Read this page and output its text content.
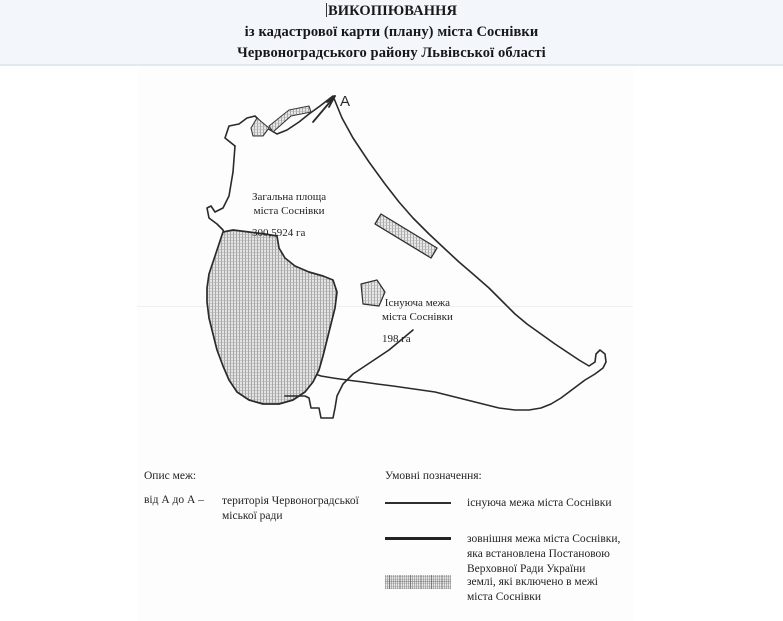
ВИКОПІЮВАННЯ
із кадастрової карти (плану) міста Соснівки
Червоноградського району Львівської області
Загальна площа
міста Соснівки
300,5924 га
Існуюча межа
міста Соснівки
198 га
А
Опис меж:
від А до А – територія Червоноградської
міської ради
Умовні позначення:
існуюча межа міста Соснівки
зовнішня межа міста Соснівки,
яка встановлена Постановою
Верховної Ради України
землі, які включено в межі
міста Соснівки
